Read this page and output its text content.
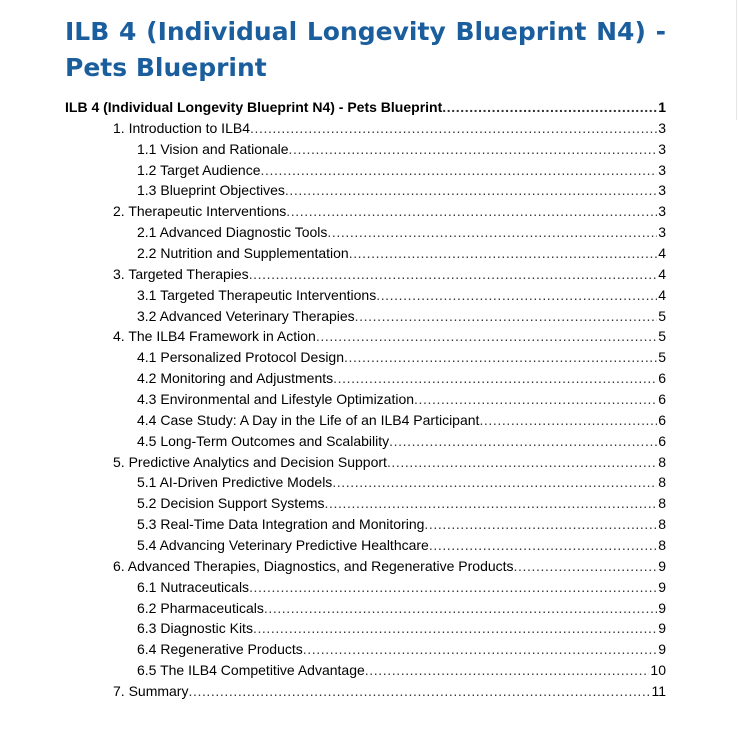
ILB 4 (Individual Longevity Blueprint N4) - Pets Blueprint
ILB 4 (Individual Longevity Blueprint N4) - Pets Blueprint .....	1
1. Introduction to ILB4 .....	3
1.1 Vision and Rationale .....	3
1.2 Target Audience .....	3
1.3 Blueprint Objectives .....	3
2. Therapeutic Interventions .....	3
2.1 Advanced Diagnostic Tools .....	3
2.2 Nutrition and Supplementation .....	4
3. Targeted Therapies .....	4
3.1 Targeted Therapeutic Interventions .....	4
3.2 Advanced Veterinary Therapies .....	5
4. The ILB4 Framework in Action .....	5
4.1 Personalized Protocol Design .....	5
4.2 Monitoring and Adjustments .....	6
4.3 Environmental and Lifestyle Optimization .....	6
4.4 Case Study: A Day in the Life of an ILB4 Participant .....	6
4.5 Long-Term Outcomes and Scalability .....	6
5. Predictive Analytics and Decision Support .....	8
5.1 AI-Driven Predictive Models .....	8
5.2 Decision Support Systems .....	8
5.3 Real-Time Data Integration and Monitoring .....	8
5.4 Advancing Veterinary Predictive Healthcare .....	8
6. Advanced Therapies, Diagnostics, and Regenerative Products .....	9
6.1 Nutraceuticals .....	9
6.2 Pharmaceuticals .....	9
6.3 Diagnostic Kits .....	9
6.4 Regenerative Products .....	9
6.5 The ILB4 Competitive Advantage .....	10
7. Summary .....	11
